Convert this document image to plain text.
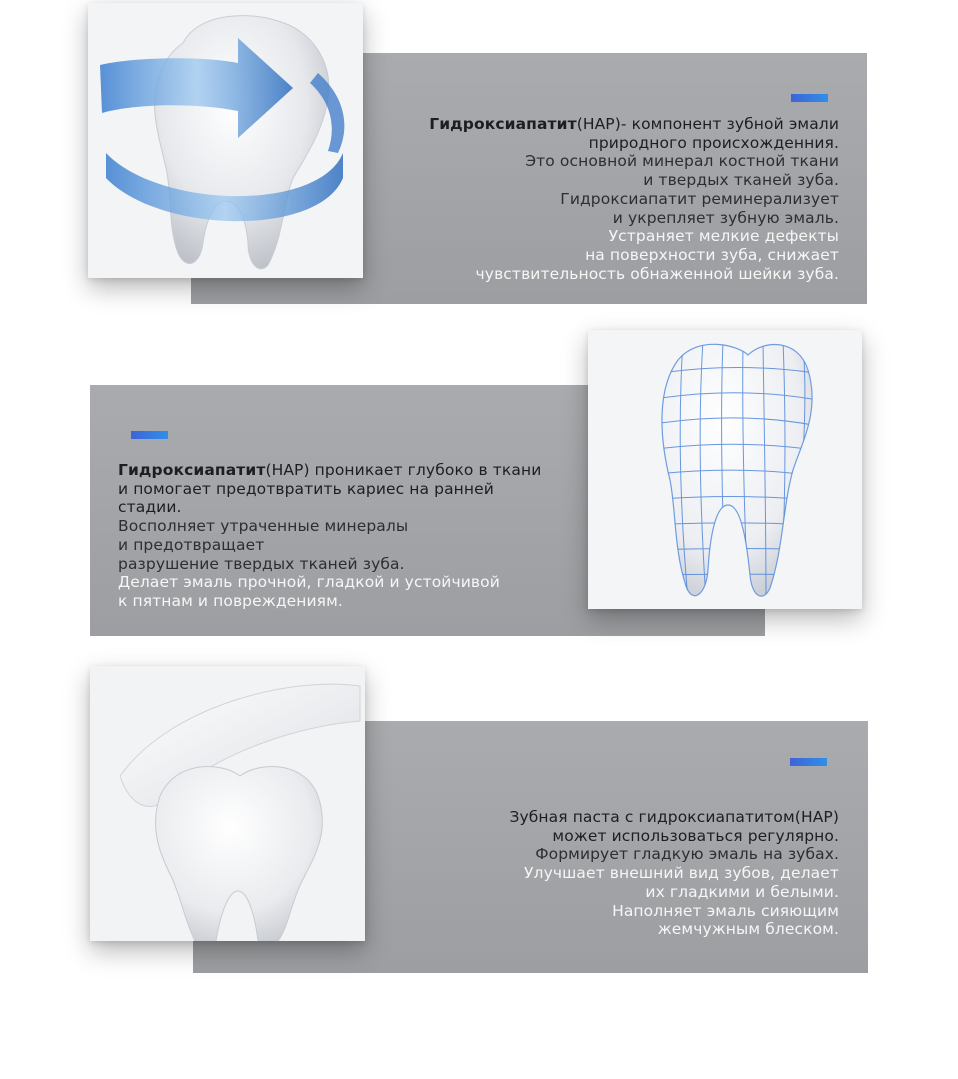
Гидроксиапатит(HAP)- компонент зубной эмали
природного происхожденния.
Это основной минерал костной ткани
и твердых тканей зуба.
Гидроксиапатит реминерализует
и укрепляет зубную эмаль.
Устраняет мелкие дефекты
на поверхности зуба, снижает
чувствительность обнаженной шейки зуба.
Гидроксиапатит(HAP) проникает глубоко в ткани
и помогает предотвратить кариес на ранней
стадии.
Восполняет утраченные минералы
и предотвращает
разрушение твердых тканей зуба.
Делает эмаль прочной, гладкой и устойчивой
к пятнам и повреждениям.
Зубная паста с гидроксиапатитом(HAP)
может использоваться регулярно.
Формирует гладкую эмаль на зубах.
Улучшает внешний вид зубов, делает
их гладкими и белыми.
Наполняет эмаль сияющим
жемчужным блеском.
